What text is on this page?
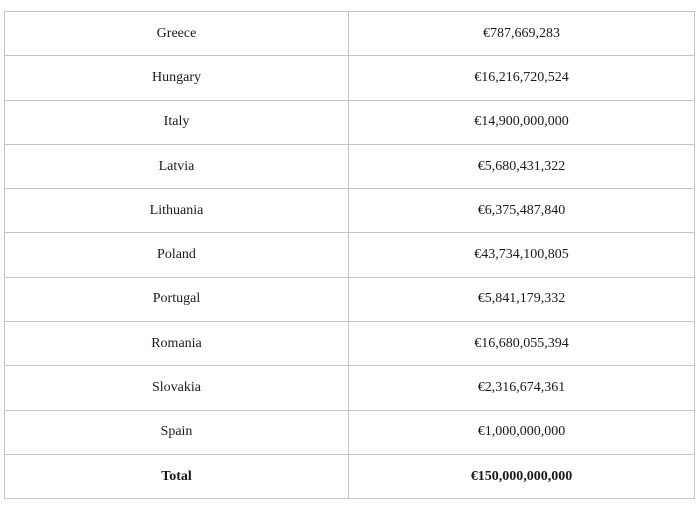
Greece	€787,669,283
Hungary	€16,216,720,524
Italy	€14,900,000,000
Latvia	€5,680,431,322
Lithuania	€6,375,487,840
Poland	€43,734,100,805
Portugal	€5,841,179,332
Romania	€16,680,055,394
Slovakia	€2,316,674,361
Spain	€1,000,000,000
Total	€150,000,000,000
